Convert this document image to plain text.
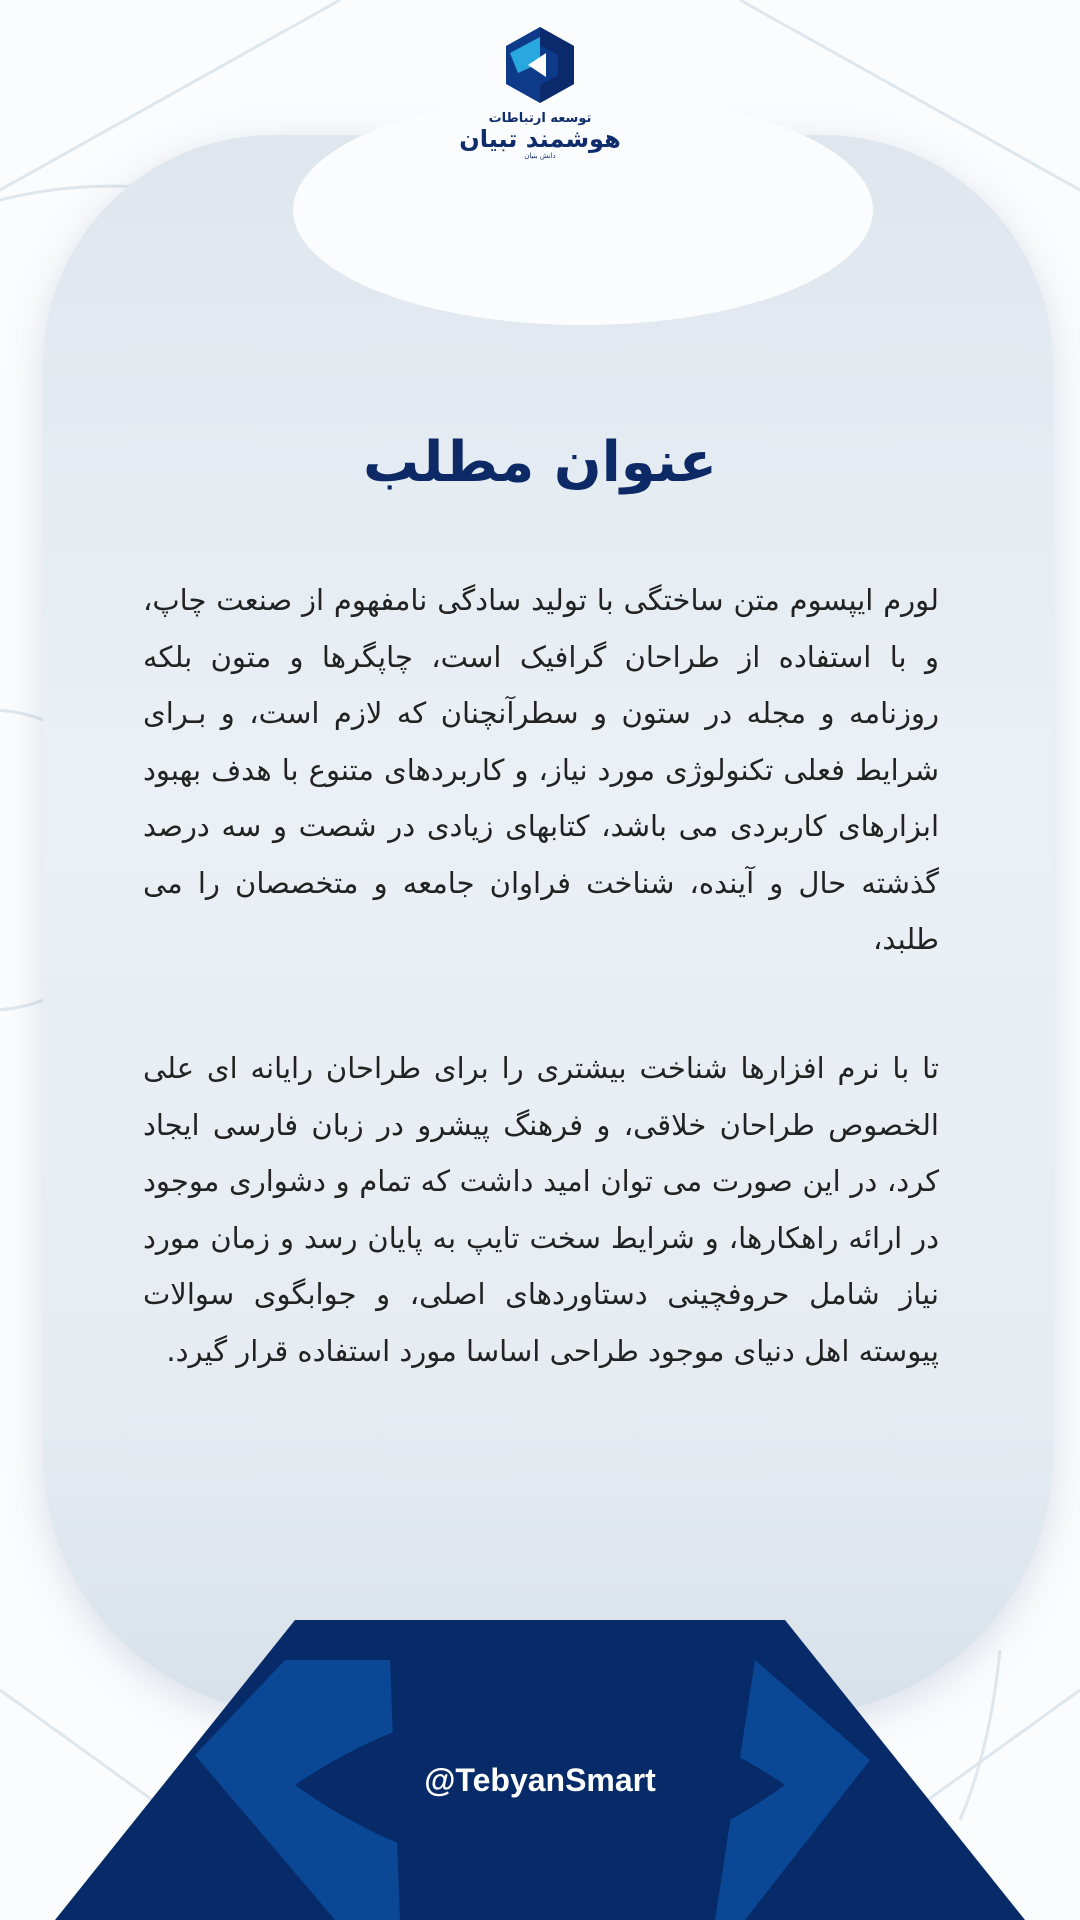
توسعه ارتباطات
هوشمند تبیان
دانش بنیان
عنوان مطلب
لورم ایپسوم متن ساختگی با تولید سادگی نامفهوم از صنعت چاپ، و با استفاده از طراحان گرافیک است، چاپگرها و متون بلکه روزنامه و مجله در ستون و سطرآنچنان که لازم است، و بـرای شرایط فعلی تکنولوژی مورد نیاز، و کاربردهای متنوع با هدف بهبود ابزارهای کاربردی می باشد، کتابهای زیادی در شصت و سه درصد گذشته حال و آینده، شناخت فراوان جامعه و متخصصان را می طلبد،
تا با نرم افزارها شناخت بیشتری را برای طراحان رایانه ای علی الخصوص طراحان خلاقی، و فرهنگ پیشرو در زبان فارسی ایجاد کرد، در این صورت می توان امید داشت که تمام و دشواری موجود در ارائه راهکارها، و شرایط سخت تایپ به پایان رسد و زمان مورد نیاز شامل حروفچینی دستاوردهای اصلی، و جوابگوی سوالات پیوسته اهل دنیای موجود طراحی اساسا مورد استفاده قرار گیرد.
@TebyanSmart
